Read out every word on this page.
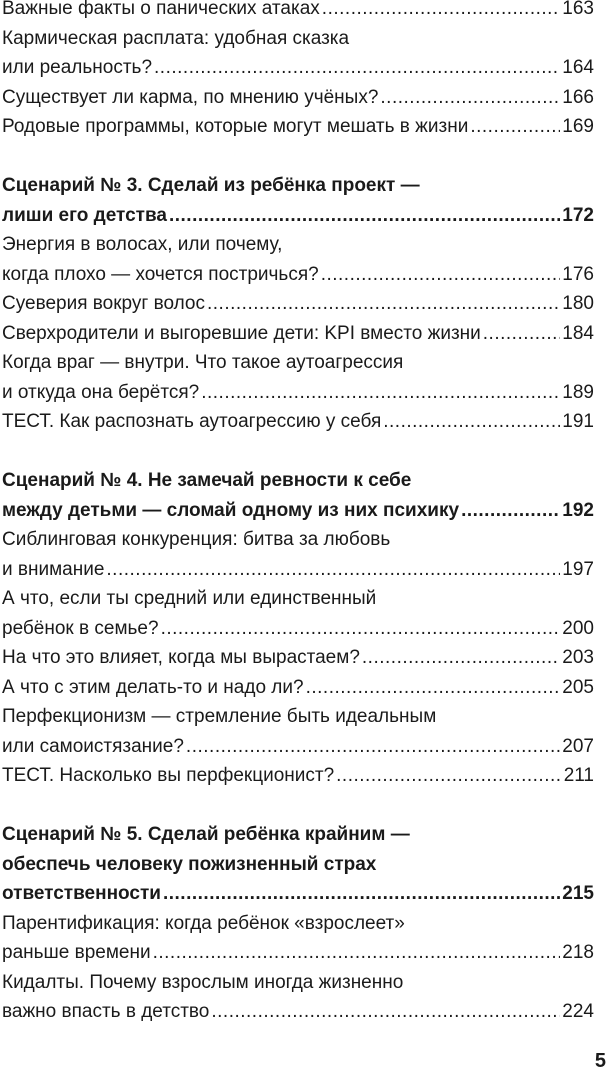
Важные факты о панических атаках .....	163
Кармическая расплата: удобная сказка
или реальность? .....	164
Существует ли карма, по мнению учёных? .....	166
Родовые программы, которые могут мешать в жизни .....	169
Сценарий № 3. Сделай из ребёнка проект —
лиши его детства .....	172
Энергия в волосах, или почему,
когда плохо — хочется постричься? .....	176
Суеверия вокруг волос .....	180
Сверхродители и выгоревшие дети: KPI вместо жизни .....	184
Когда враг — внутри. Что такое аутоагрессия
и откуда она берётся? .....	189
ТЕСТ. Как распознать аутоагрессию у себя .....	191
Сценарий № 4. Не замечай ревности к себе
между детьми — сломай одному из них психику .....	192
Сиблинговая конкуренция: битва за любовь
и внимание .....	197
А что, если ты средний или единственный
ребёнок в семье? .....	200
На что это влияет, когда мы вырастаем? .....	203
А что с этим делать-то и надо ли? .....	205
Перфекционизм — стремление быть идеальным
или самоистязание? .....	207
ТЕСТ. Насколько вы перфекционист? .....	211
Сценарий № 5. Сделай ребёнка крайним —
обеспечь человеку пожизненный страх
ответственности .....	215
Парентификация: когда ребёнок «взрослеет»
раньше времени .....	218
Кидалты. Почему взрослым иногда жизненно
важно впасть в детство .....	224
5
